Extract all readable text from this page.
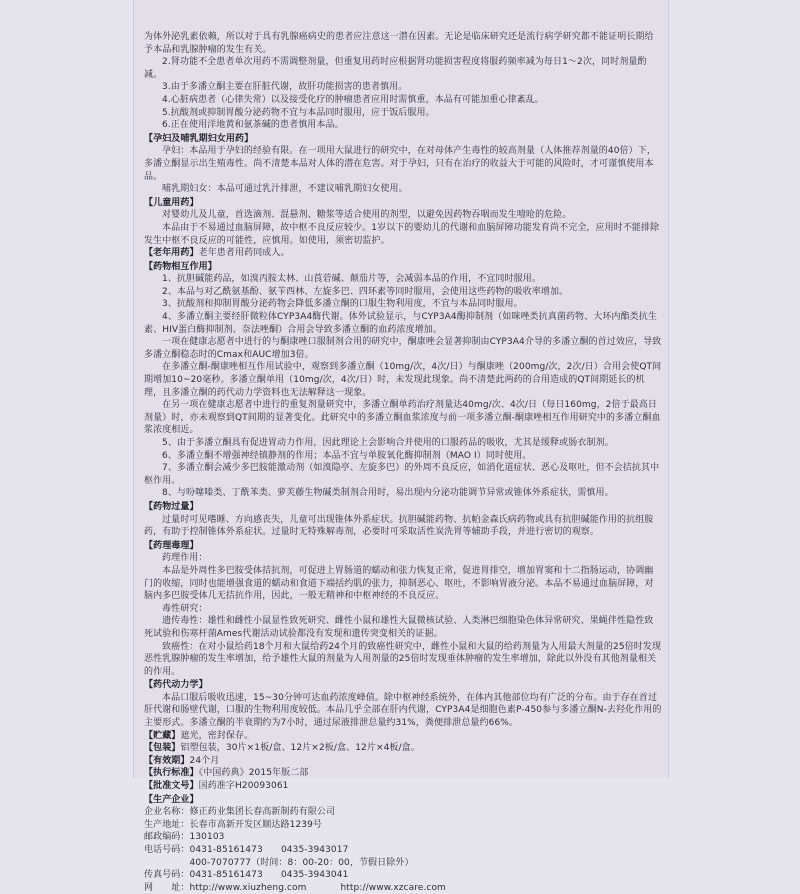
为体外泌乳素依赖，所以对于具有乳腺癌病史的患者应注意这一潜在因素。无论是临床研究还是流行病学研究都不能证明长期给予本品和乳腺肿瘤的发生有关。

2.肾功能不全患者单次用药不需调整剂量，但重复用药时应根据肾功能损害程度将服药频率减为每日1～2次，同时剂量酌减。

3.由于多潘立酮主要在肝脏代谢，故肝功能损害的患者慎用。

4.心脏病患者（心律失常）以及接受化疗的肿瘤患者应用时需慎重，本品有可能加重心律紊乱。

5.抗酸剂或抑制胃酸分泌药物不宜与本品同时服用，应于饭后服用。

6.正在使用洋地黄和氨茶碱的患者慎用本品。

【孕妇及哺乳期妇女用药】

孕妇：本品用于孕妇的经验有限。在一项用大鼠进行的研究中，在对母体产生毒性的较高剂量（人体推荐剂量的40倍）下，多潘立酮显示出生殖毒性。尚不清楚本品对人体的潜在危害。对于孕妇，只有在治疗的收益大于可能的风险时，才可谨慎使用本品。

哺乳期妇女：本品可通过乳汁排泄，不建议哺乳期妇女使用。

【儿童用药】

对婴幼儿及儿童，首选滴剂、混悬剂、糖浆等适合使用的剂型，以避免因药物吞咽而发生噎呛的危险。

本品由于不易通过血脑屏障，故中枢不良反应较少。1岁以下的婴幼儿的代谢和血脑屏障功能发育尚不完全，应用时不能排除发生中枢不良反应的可能性，应慎用。如使用，须密切监护。

【老年用药】老年患者用药同成人。

【药物相互作用】

1、抗胆碱能药品，如溴丙胺太林、山莨菪碱、颠茄片等，会减弱本品的作用，不宜同时服用。

2、本品与对乙酰氨基酚、氨苄西林、左旋多巴、四环素等同时服用，会使用这些药物的吸收率增加。

3、抗酸剂和抑制胃酸分泌药物会降低多潘立酮的口服生物利用度，不宜与本品同时服用。

4、多潘立酮主要经肝微粒体CYP3A4酶代谢。体外试验显示，与CYP3A4酶抑制剂（如咪唑类抗真菌药物、大环内酯类抗生素、HIV蛋白酶抑制剂、奈法唑酮）合用会导致多潘立酮的血药浓度增加。

一项在健康志愿者中进行的与酮康唑口服制剂合用的研究中，酮康唑会显著抑制由CYP3A4介导的多潘立酮的首过效应，导致多潘立酮稳态时的Cmax和AUC增加3倍。

在多潘立酮-酮康唑相互作用试验中，观察到多潘立酮（10mg/次，4次/日）与酮康唑（200mg/次，2次/日）合用会使QT间期增加10~20毫秒。多潘立酮单用（10mg/次，4次/日）时，未发现此现象。尚不清楚此两药的合用造成的QT间期延长的机理，且多潘立酮的药代动力学资料也无法解释这一现象。

在另一项在健康志愿者中进行的重复剂量研究中，多潘立酮单药治疗剂量达40mg/次、4次/日（每日160mg，2倍于最高日剂量）时，亦未观察到QT间期的显著变化。此研究中的多潘立酮血浆浓度与前一项多潘立酮-酮康唑相互作用研究中的多潘立酮血浆浓度相近。

5、由于多潘立酮具有促进胃动力作用，因此理论上会影响合并使用的口服药品的吸收，尤其是缓释或肠衣制剂。

6、多潘立酮不增强神经镇静剂的作用；本品不宜与单胺氧化酶抑制剂（MAO I）同时使用。

7、多潘立酮会减少多巴胺能激动剂（如溴隐亭、左旋多巴）的外周不良反应，如消化道症状、恶心及呕吐，但不会拮抗其中枢作用。

8、与吩噻嗪类、丁酰苯类、萝芙藤生物碱类制剂合用时，易出现内分泌功能调节异常或锥体外系症状，需慎用。

【药物过量】

过量时可见嗜睡、方向感丧失，儿童可出现锥体外系症状。抗胆碱能药物、抗帕金森氏病药物或具有抗胆碱能作用的抗组胺药，有助于控制锥体外系症状。过量时无特殊解毒剂，必要时可采取活性炭洗胃等辅助手段，并进行密切的观察。

【药理毒理】

药理作用：

本品是外周性多巴胺受体拮抗剂，可促进上胃肠道的蠕动和张力恢复正常，促进胃排空，增加胃窦和十二指肠运动，协调幽门的收缩，同时也能增强食道的蠕动和食道下端括约肌的张力，抑制恶心、呕吐，不影响胃液分泌。本品不易通过血脑屏障，对脑内多巴胺受体几无拮抗作用，因此，一般无精神和中枢神经的不良反应。

毒性研究：

遗传毒性：雄性和雌性小鼠显性致死研究、雌性小鼠和雄性大鼠微核试验、人类淋巴细胞染色体异常研究、果蝇伴性隐性致死试验和伤寒杆菌Ames代谢活动试验都没有发现和遗传突变相关的证据。

致癌性：在对小鼠给药18个月和大鼠给药24个月的致癌性研究中，雌性小鼠和大鼠的给药剂量为人用最大剂量的25倍时发现恶性乳腺肿瘤的发生率增加，给予雄性大鼠的剂量为人用剂量的25倍时发现垂体肿瘤的发生率增加，除此以外没有其他剂量相关的作用。

【药代动力学】

本品口服后吸收迅速，15~30分钟可达血药浓度峰值。除中枢神经系统外，在体内其他部位均有广泛的分布。由于存在首过肝代谢和肠壁代谢，口服的生物利用度较低。本品几乎全部在肝内代谢，CYP3A4是细胞色素P-450参与多潘立酮N-去羟化作用的主要形式。多潘立酮的半衰期约为7小时，通过尿液排泄总量约31%，粪便排泄总量约66%。

【贮藏】遮光，密封保存。

【包装】铝塑包装，30片×1板/盒、12片×2板/盒、12片×4板/盒。

【有效期】24个月

【执行标准】《中国药典》2015年版二部

【批准文号】国药准字H20093061

【生产企业】

企业名称： 修正药业集团长春高新制药有限公司
生产地址： 长春市高新开发区顺达路1239号
邮政编码： 130103
电话号码： 0431-85161473　　0435-3943017
400-7070777（时间：8：00-20：00，节假日除外）
传真号码： 0431-85161473　　0435-3943041
网　　址： http://www.xiuzheng.com	http://www.xzcare.com
